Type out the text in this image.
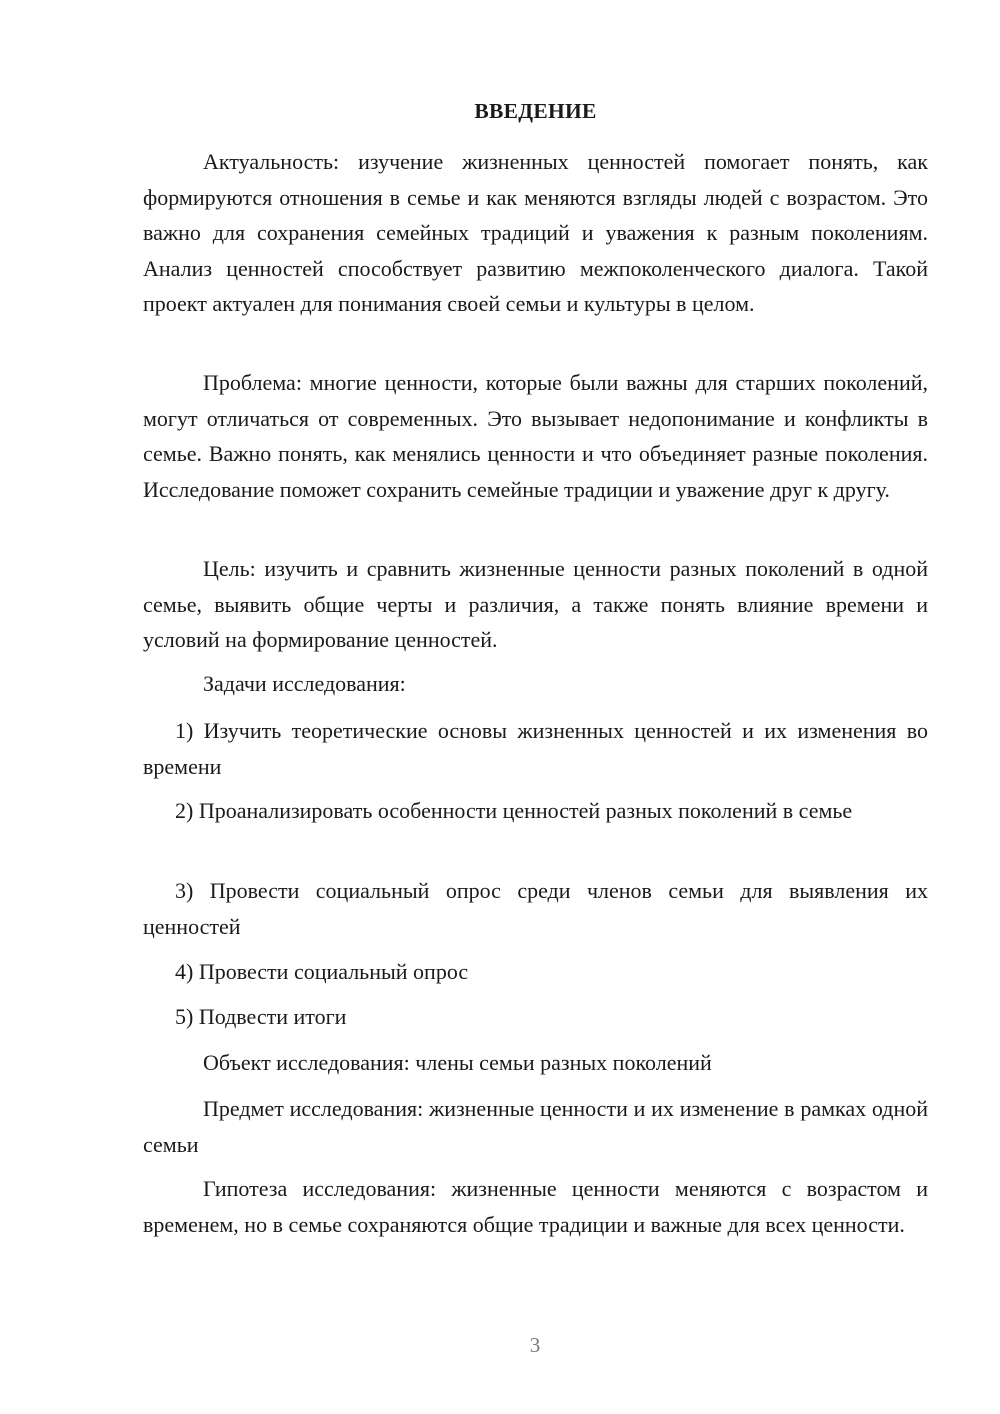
ВВЕДЕНИЕ

Актуальность: изучение жизненных ценностей помогает понять, как формируются отношения в семье и как меняются взгляды людей с возрастом. Это важно для сохранения семейных традиций и уважения к разным поколениям. Анализ ценностей способствует развитию межпоколенческого диалога. Такой проект актуален для понимания своей семьи и культуры в целом.

Проблема: многие ценности, которые были важны для старших поколений, могут отличаться от современных. Это вызывает недопонимание и конфликты в семье. Важно понять, как менялись ценности и что объединяет разные поколения. Исследование поможет сохранить семейные традиции и уважение друг к другу.

Цель: изучить и сравнить жизненные ценности разных поколений в одной семье, выявить общие черты и различия, а также понять влияние времени и условий на формирование ценностей.

Задачи исследования:

1) Изучить теоретические основы жизненных ценностей и их изменения во времени

2) Проанализировать особенности ценностей разных поколений в семье

3) Провести социальный опрос среди членов семьи для выявления их ценностей

4) Провести социальный опрос

5) Подвести итоги

Объект исследования: члены семьи разных поколений

Предмет исследования: жизненные ценности и их изменение в рамках одной семьи

Гипотеза исследования: жизненные ценности меняются с возрастом и временем, но в семье сохраняются общие традиции и важные для всех ценности.

3
